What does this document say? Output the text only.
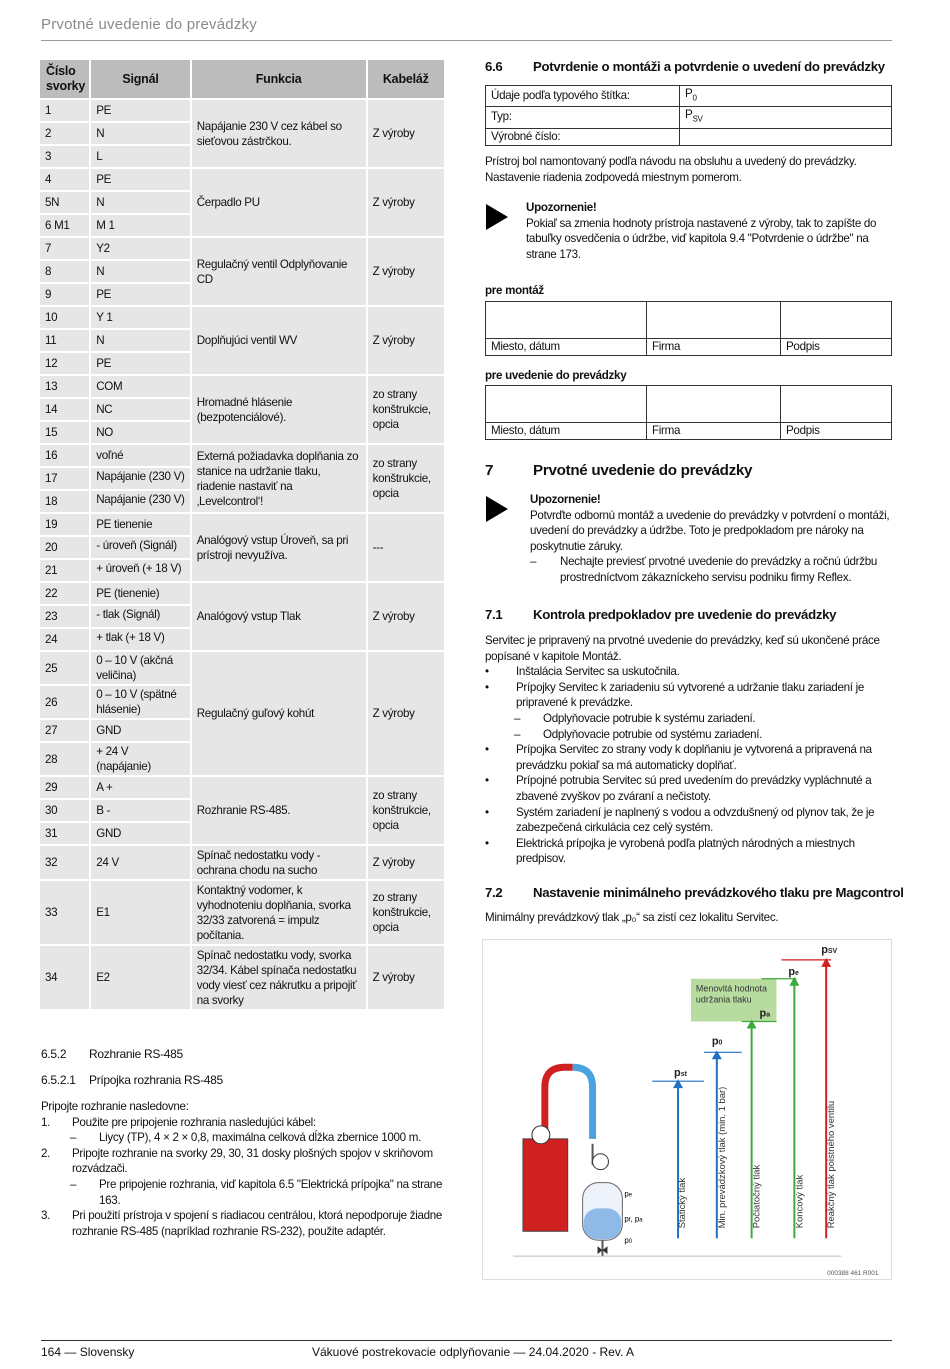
Prvotné uvedenie do prevádzky
Číslo svorky	Signál	Funkcia	Kabeláž
1	PE	Napájanie 230 V cez kábel so sieťovou zástrčkou.	Z výroby
2	N		
3	L		
4	PE	Čerpadlo PU	Z výroby
5N	N		
6 M1	M 1		
7	Y2	Regulačný ventil Odplyňovanie CD	Z výroby
8	N		
9	PE		
10	Y 1	Doplňujúci ventil WV	Z výroby
11	N		
12	PE		
13	COM	Hromadné hlásenie (bezpotenciálové).	zo strany konštrukcie, opcia
14	NC		
15	NO		
16	voľné	Externá požiadavka doplňania zo stanice na udržanie tlaku, riadenie nastaviť na ‚Levelcontrol‘!	zo strany konštrukcie, opcia
17	Napájanie (230 V)		
18	Napájanie (230 V)		
19	PE tienenie	Analógový vstup Úroveň, sa pri prístroji nevyužíva.	---
20	- úroveň (Signál)		
21	+ úroveň (+ 18 V)		
22	PE (tienenie)	Analógový vstup Tlak	Z výroby
23	- tlak (Signál)		
24	+ tlak (+ 18 V)		
25	0 – 10 V (akčná veličina)	Regulačný guľový kohút	Z výroby
26	0 – 10 V (spätné hlásenie)		
27	GND		
28	+ 24 V (napájanie)		
29	A +	Rozhranie RS-485.	zo strany konštrukcie, opcia
30	B -		
31	GND		
32	24 V	Spínač nedostatku vody - ochrana chodu na sucho	Z výroby
33	E1	Kontaktný vodomer, k vyhodnoteniu doplňania, svorka 32/33 zatvorená = impulz počítania.	zo strany konštrukcie, opcia
34	E2	Spínač nedostatku vody, svorka 32/34. Kábel spínača nedostatku vody viesť cez nákrutku a pripojiť na svorky	Z výroby
6.5.2 Rozhranie RS-485
6.5.2.1 Prípojka rozhrania RS-485
Pripojte rozhranie nasledovne:
1. Použite pre pripojenie rozhrania nasledujúci kábel:
– Liycy (TP), 4 × 2 × 0,8, maximálna celková dĺžka zbernice 1000 m.
2. Pripojte rozhranie na svorky 29, 30, 31 dosky plošných spojov v skriňovom rozvádzači.
– Pre pripojenie rozhrania, viď kapitola 6.5 "Elektrická prípojka" na strane 163.
3. Pri použití prístroja v spojení s riadiacou centrálou, ktorá nepodporuje žiadne rozhranie RS-485 (napríklad rozhranie RS-232), použite adaptér.
6.6 Potvrdenie o montáži a potvrdenie o uvedení do prevádzky
Údaje podľa typového štítka:	$P_0$
Typ:	$P_{SV}$
Výrobné číslo:	
Prístroj bol namontovaný podľa návodu na obsluhu a uvedený do prevádzky. Nastavenie riadenia zodpovedá miestnym pomerom.
Upozornenie!
Pokiaľ sa zmenia hodnoty prístroja nastavené z výroby, tak to zapíšte do tabuľky osvedčenia o údržbe, viď kapitola 9.4 "Potvrdenie o údržbe" na strane 173.
pre montáž

Miesto, dátum	Firma	Podpis
pre uvedenie do prevádzky

Miesto, dátum	Firma	Podpis
7	Prvotné uvedenie do prevádzky
Upozornenie!
Potvrďte odbornú montáž a uvedenie do prevádzky v potvrdení o montáži, uvedení do prevádzky a údržbe. Toto je predpokladom pre nároky na poskytnutie záruky.
– Nechajte previesť prvotné uvedenie do prevádzky a ročnú údržbu prostredníctvom zákazníckeho servisu podniku firmy Reflex.
7.1 Kontrola predpokladov pre uvedenie do prevádzky
Servitec je pripravený na prvotné uvedenie do prevádzky, keď sú ukončené práce popísané v kapitole Montáž.
• Inštalácia Servitec sa uskutočnila.
• Prípojky Servitec k zariadeniu sú vytvorené a udržanie tlaku zariadení je pripravené k prevádzke.
– Odplyňovacie potrubie k systému zariadení.
– Odplyňovacie potrubie od systému zariadení.
• Prípojka Servitec zo strany vody k doplňaniu je vytvorená a pripravená na prevádzku pokiaľ sa má automaticky doplňať.
• Prípojné potrubia Servitec sú pred uvedením do prevádzky vypláchnuté a zbavené zvyškov po zváraní a nečistoty.
• Systém zariadení je naplnený s vodou a odvzdušnený od plynov tak, že je zabezpečená cirkulácia cez celý systém.
• Elektrická prípojka je vyrobená podľa platných národných a miestnych predpisov.
7.2 Nastavenie minimálneho prevádzkového tlaku pre Magcontrol
Minimálny prevádzkový tlak „p₀“ sa zistí cez lokalitu Servitec.
pe
pf, pa
p0
Menovitá hodnota
udržania tlaku
pSV
pe
pa
p0
pst
Statický tlak	Min. prevádzkový tlak (min. 1 bar)	Počiatočný tlak	Koncový tlak Reakčný tlak poistného ventilu
000388 461 R001
164 — Slovensky	Vákuové postrekovacie odplyňovanie — 24.04.2020 - Rev. A
